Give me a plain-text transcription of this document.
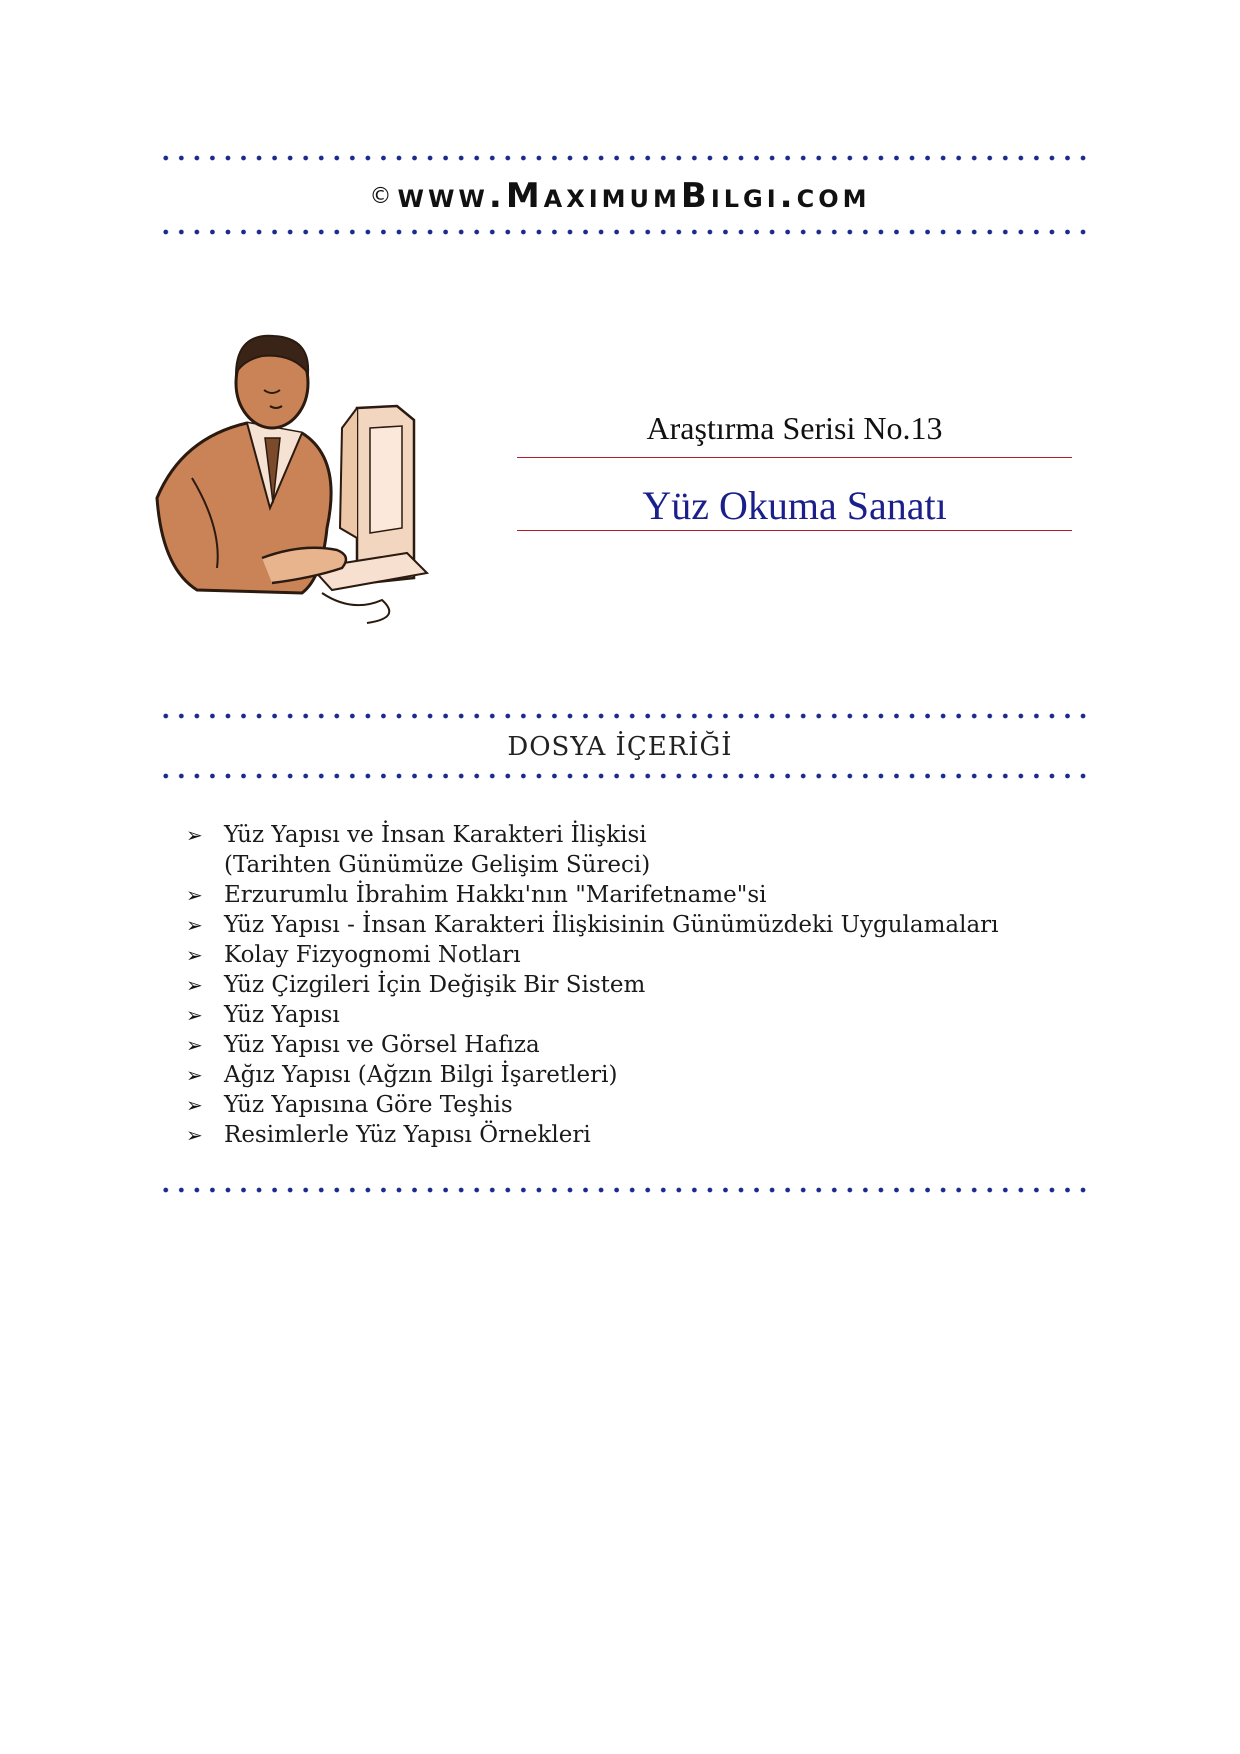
© www.MaximumBilgi.com
Araştırma Serisi No.13
Yüz Okuma Sanatı
DOSYA İÇERİĞİ
➢ Yüz Yapısı ve İnsan Karakteri İlişkisi
(Tarihten Günümüze Gelişim Süreci)
➢ Erzurumlu İbrahim Hakkı'nın "Marifetname"si
➢ Yüz Yapısı - İnsan Karakteri İlişkisinin Günümüzdeki Uygulamaları
➢ Kolay Fizyognomi Notları
➢ Yüz Çizgileri İçin Değişik Bir Sistem
➢ Yüz Yapısı
➢ Yüz Yapısı ve Görsel Hafıza
➢ Ağız Yapısı (Ağzın Bilgi İşaretleri)
➢ Yüz Yapısına Göre Teşhis
➢ Resimlerle Yüz Yapısı Örnekleri
